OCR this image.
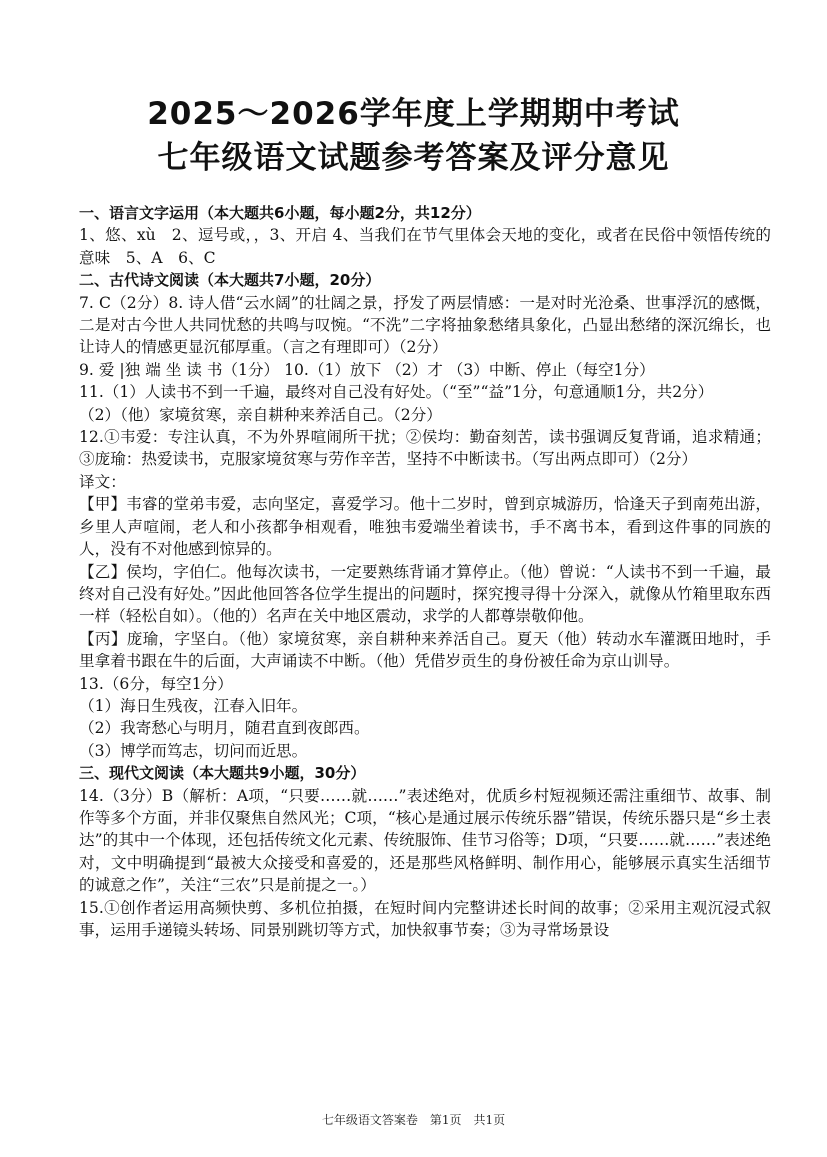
2025～2026学年度上学期期中考试
七年级语文试题参考答案及评分意见

一、语言文字运用（本大题共6小题，每小题2分，共12分）

1、悠、xù　2、逗号或，，3、开启 4、当我们在节气里体会天地的变化，或者在民俗中领悟传统的意味　5、A　6、C

二、古代诗文阅读（本大题共7小题，20分）

7. C（2分）8. 诗人借“云水阔”的壮阔之景，抒发了两层情感：一是对时光沧桑、世事浮沉的感慨，二是对古今世人共同忧愁的共鸣与叹惋。“不洗”二字将抽象愁绪具象化，凸显出愁绪的深沉绵长，也让诗人的情感更显沉郁厚重。（言之有理即可）（2分）

9. 爱 |独 端 坐 读 书（1分） 10.（1）放下 （2）才 （3）中断、停止（每空1分）

11.（1）人读书不到一千遍，最终对自己没有好处。（“至”“益”1分，句意通顺1分，共2分）

（2）（他）家境贫寒，亲自耕种来养活自己。（2分）

12.①韦爱：专注认真，不为外界喧闹所干扰；②侯均：勤奋刻苦，读书强调反复背诵，追求精通；③庞瑜：热爱读书，克服家境贫寒与劳作辛苦，坚持不中断读书。（写出两点即可）（2分）

译文：

【甲】韦睿的堂弟韦爱，志向坚定，喜爱学习。他十二岁时，曾到京城游历，恰逢天子到南苑出游，乡里人声喧闹，老人和小孩都争相观看，唯独韦爱端坐着读书，手不离书本，看到这件事的同族的人，没有不对他感到惊异的。

【乙】侯均，字伯仁。他每次读书，一定要熟练背诵才算停止。（他）曾说：“人读书不到一千遍，最终对自己没有好处。”因此他回答各位学生提出的问题时，探究搜寻得十分深入，就像从竹箱里取东西一样（轻松自如）。（他的）名声在关中地区震动，求学的人都尊崇敬仰他。

【丙】庞瑜，字坚白。（他）家境贫寒，亲自耕种来养活自己。夏天（他）转动水车灌溉田地时，手里拿着书跟在牛的后面，大声诵读不中断。（他）凭借岁贡生的身份被任命为京山训导。

13.（6分，每空1分）

（1）海日生残夜，江春入旧年。

（2）我寄愁心与明月，随君直到夜郎西。

（3）博学而笃志，切问而近思。

三、现代文阅读（本大题共9小题，30分）

14.（3分）B（解析：A项，“只要……就……”表述绝对，优质乡村短视频还需注重细节、故事、制作等多个方面，并非仅聚焦自然风光；C项，“核心是通过展示传统乐器”错误，传统乐器只是“乡土表达”的其中一个体现，还包括传统文化元素、传统服饰、佳节习俗等；D项，“只要……就……”表述绝对，文中明确提到“最被大众接受和喜爱的，还是那些风格鲜明、制作用心，能够展示真实生活细节的诚意之作”，关注“三农”只是前提之一。）

15.①创作者运用高频快剪、多机位拍摄，在短时间内完整讲述长时间的故事；②采用主观沉浸式叙事，运用手递镜头转场、同景别跳切等方式，加快叙事节奏；③为寻常场景设

七年级语文答案卷　第1页　共1页
